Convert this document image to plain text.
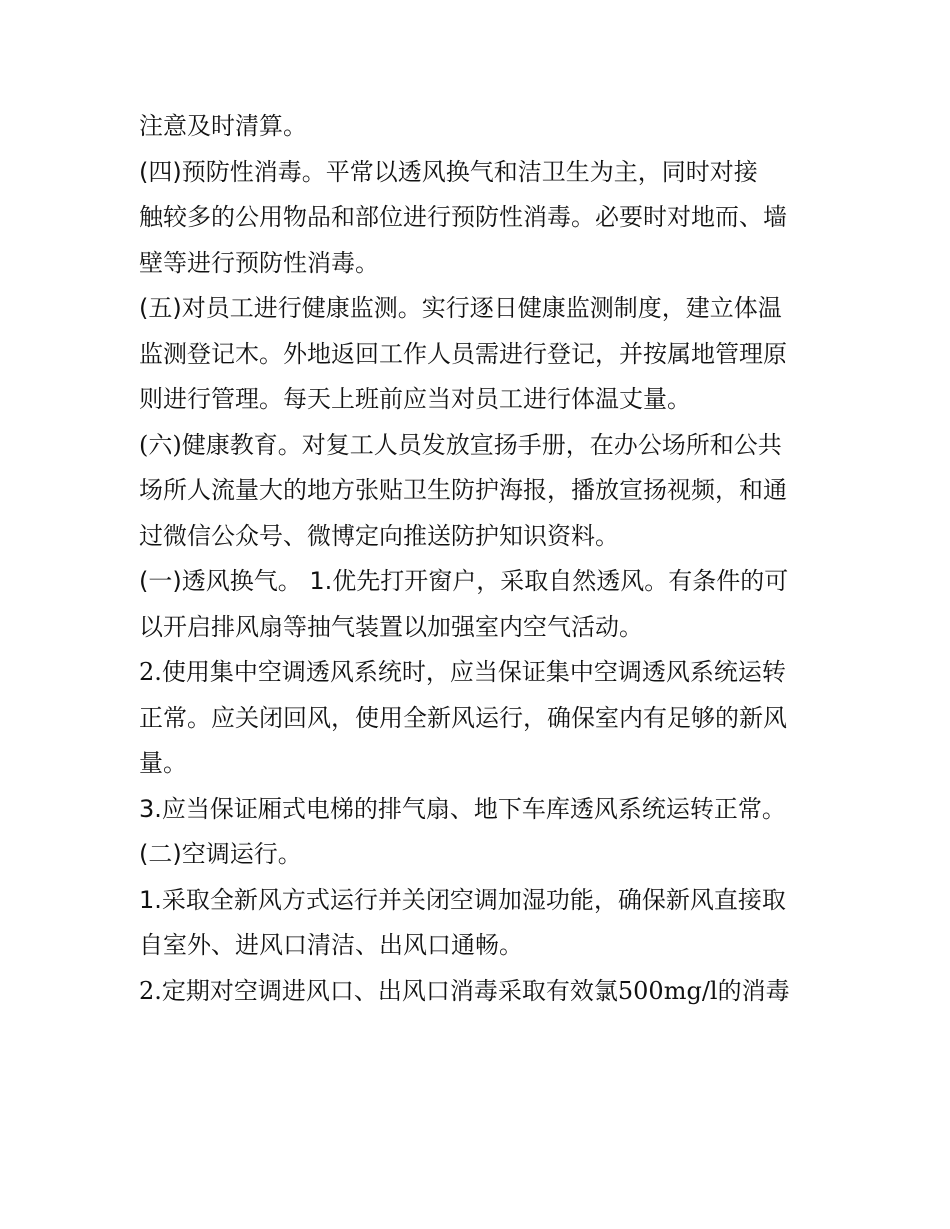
注意及时清算。
(四)预防性消毒。平常以透风换气和洁卫生为主，同时对接
触较多的公用物品和部位进行预防性消毒。必要时对地而、墙
壁等进行预防性消毒。
(五)对员工进行健康监测。实行逐日健康监测制度，建立体温
监测登记木。外地返回工作人员需进行登记，并按属地管理原
则进行管理。每天上班前应当对员工进行体温丈量。
(六)健康教育。对复工人员发放宣扬手册，在办公场所和公共
场所人流量大的地方张贴卫生防护海报，播放宣扬视频，和通
过微信公众号、微博定向推送防护知识资料。
(一)透风换气。 1.优先打开窗户，采取自然透风。有条件的可
以开启排风扇等抽气装置以加强室内空气活动。
2.使用集中空调透风系统时，应当保证集中空调透风系统运转
正常。应关闭回风，使用全新风运行，确保室内有足够的新风
量。
3.应当保证厢式电梯的排气扇、地下车库透风系统运转正常。
(二)空调运行。
1.采取全新风方式运行并关闭空调加湿功能，确保新风直接取
自室外、进风口清洁、出风口通畅。
2.定期对空调进风口、出风口消毒采取有效氯500mg/l的消毒
